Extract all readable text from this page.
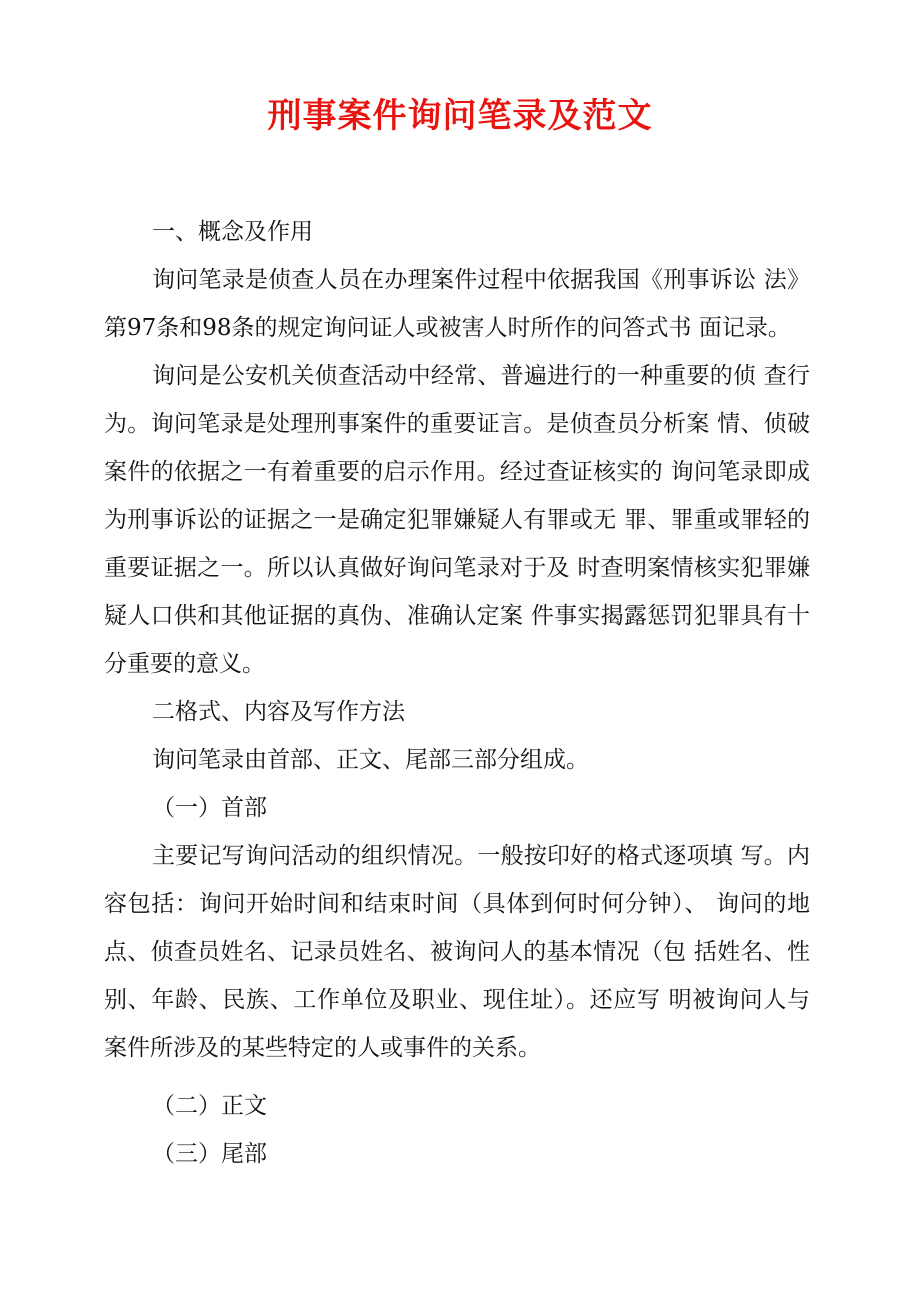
刑事案件询问笔录及范文

一、概念及作用

询问笔录是侦查人员在办理案件过程中依据我国《刑事诉讼 法》第97条和98条的规定询问证人或被害人时所作的问答式书 面记录。

询问是公安机关侦查活动中经常、普遍进行的一种重要的侦 查行为。询问笔录是处理刑事案件的重要证言。是侦查员分析案 情、侦破案件的依据之一有着重要的启示作用。经过查证核实的 询问笔录即成为刑事诉讼的证据之一是确定犯罪嫌疑人有罪或无 罪、罪重或罪轻的重要证据之一。所以认真做好询问笔录对于及 时查明案情核实犯罪嫌疑人口供和其他证据的真伪、准确认定案 件事实揭露惩罚犯罪具有十分重要的意义。

二格式、内容及写作方法

询问笔录由首部、正文、尾部三部分组成。

（一）首部

主要记写询问活动的组织情况。一般按印好的格式逐项填 写。内容包括：询问开始时间和结束时间（具体到何时何分钟）、 询问的地点、侦查员姓名、记录员姓名、被询问人的基本情况（包 括姓名、性别、年龄、民族、工作单位及职业、现住址）。还应写 明被询问人与案件所涉及的某些特定的人或事件的关系。

（二）正文

（三）尾部
